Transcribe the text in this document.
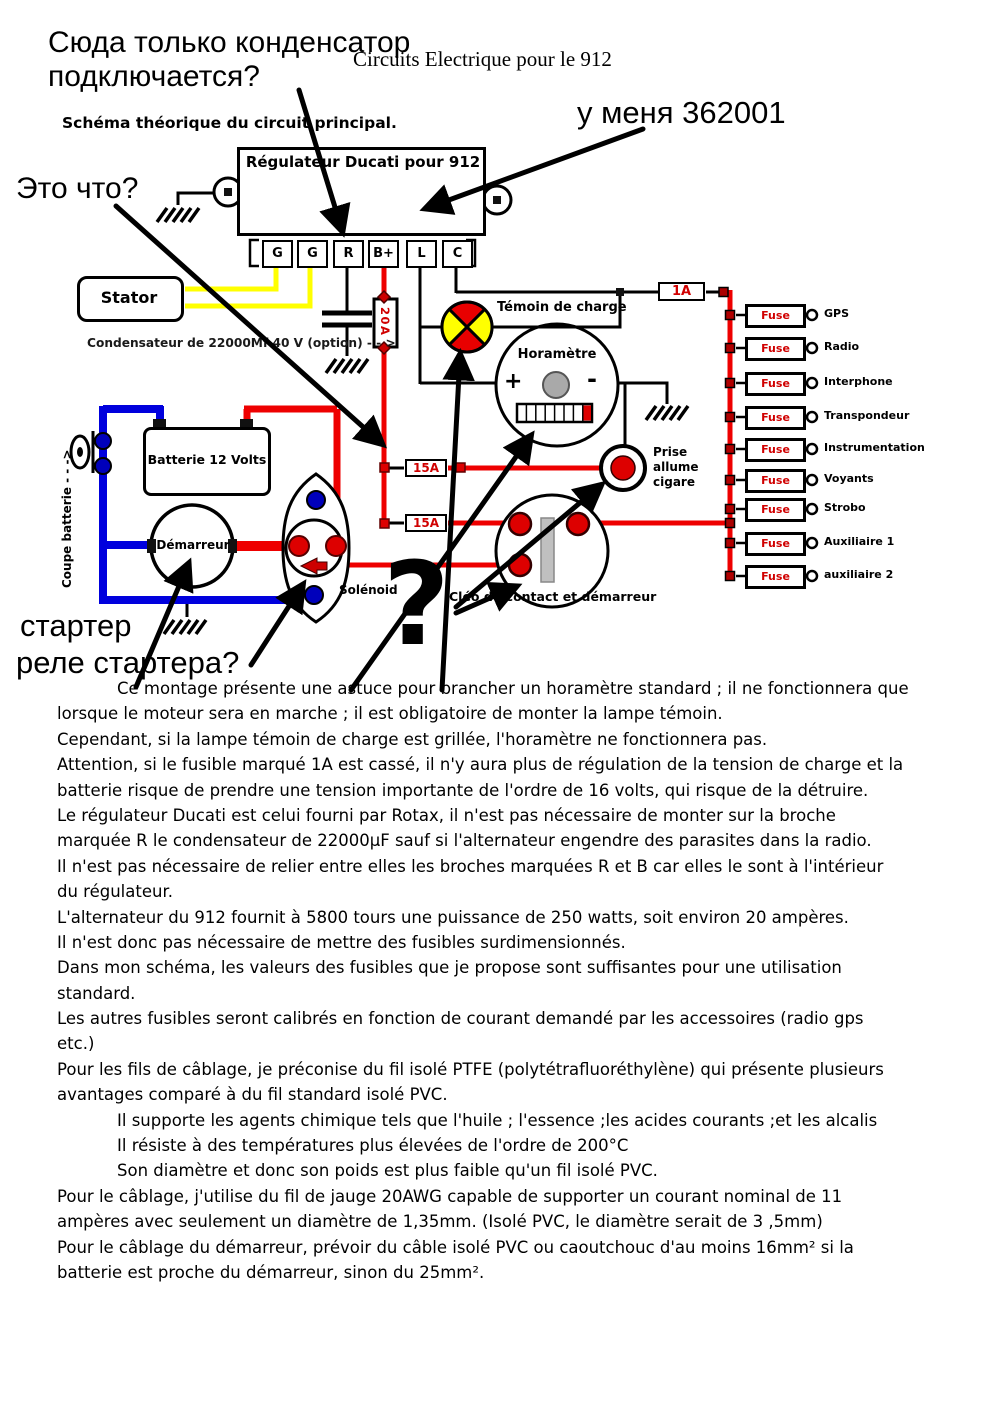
Сюда только конденсатор
подключается?
Circuits Electrique pour le 912
у меня 362001
Schéma théorique du circuit principal.
Это что?
Régulateur Ducati pour 912
G	G	R	B+	L	C
Stator
Condensateur de 22000Mf 40 V (option) - - >
20A	Témoin de charge
Horamètre
+	-
1A
15A
15A
Batterie 12 Volts
Coupe batterie - - ->	Démarreur
Solénoid	Cléo de contact et démarreur
Prise
allume
cigare
Fuse	GPS
Fuse	Radio
Fuse	Interphone
Fuse	Transpondeur
Fuse	Instrumentation
Fuse	Voyants
Fuse	Strobo
Fuse	Auxiliaire 1
Fuse	auxiliaire 2
?
стартер
реле стартера?
Ce montage présente une astuce pour brancher un horamètre standard ; il ne fonctionnera que
lorsque le moteur sera en marche ; il est obligatoire de monter la lampe témoin.
Cependant, si la lampe témoin de charge est grillée, l'horamètre ne fonctionnera pas.
Attention, si le fusible marqué 1A est cassé, il n'y aura plus de régulation de la tension de charge et la
batterie risque de prendre une tension importante de l'ordre de 16 volts, qui risque de la détruire.
Le régulateur Ducati est celui fourni par Rotax, il n'est pas nécessaire de monter sur la broche
marquée R le condensateur de 22000µF sauf si l'alternateur engendre des parasites dans la radio.
Il n'est pas nécessaire de relier entre elles les broches marquées R et B car elles le sont à l'intérieur
du régulateur.
L'alternateur du 912 fournit à 5800 tours une puissance de 250 watts, soit environ 20 ampères.
Il n'est donc pas nécessaire de mettre des fusibles surdimensionnés.
Dans mon schéma, les valeurs des fusibles que je propose sont suffisantes pour une utilisation
standard.
Les autres fusibles seront calibrés en fonction de courant demandé par les accessoires (radio gps
etc.)
Pour les fils de câblage, je préconise du fil isolé PTFE (polytétrafluoréthylène) qui présente plusieurs
avantages comparé à du fil standard isolé PVC.
Il supporte les agents chimique tels que l'huile ; l'essence ;les acides courants ;et les alcalis
Il résiste à des températures plus élevées de l'ordre de 200°C
Son diamètre et donc son poids est plus faible qu'un fil isolé PVC.
Pour le câblage, j'utilise du fil de jauge 20AWG capable de supporter un courant nominal de 11
ampères avec seulement un diamètre de 1,35mm. (Isolé PVC, le diamètre serait de 3 ,5mm)
Pour le câblage du démarreur, prévoir du câble isolé PVC ou caoutchouc d'au moins 16mm² si la
batterie est proche du démarreur, sinon du 25mm².
